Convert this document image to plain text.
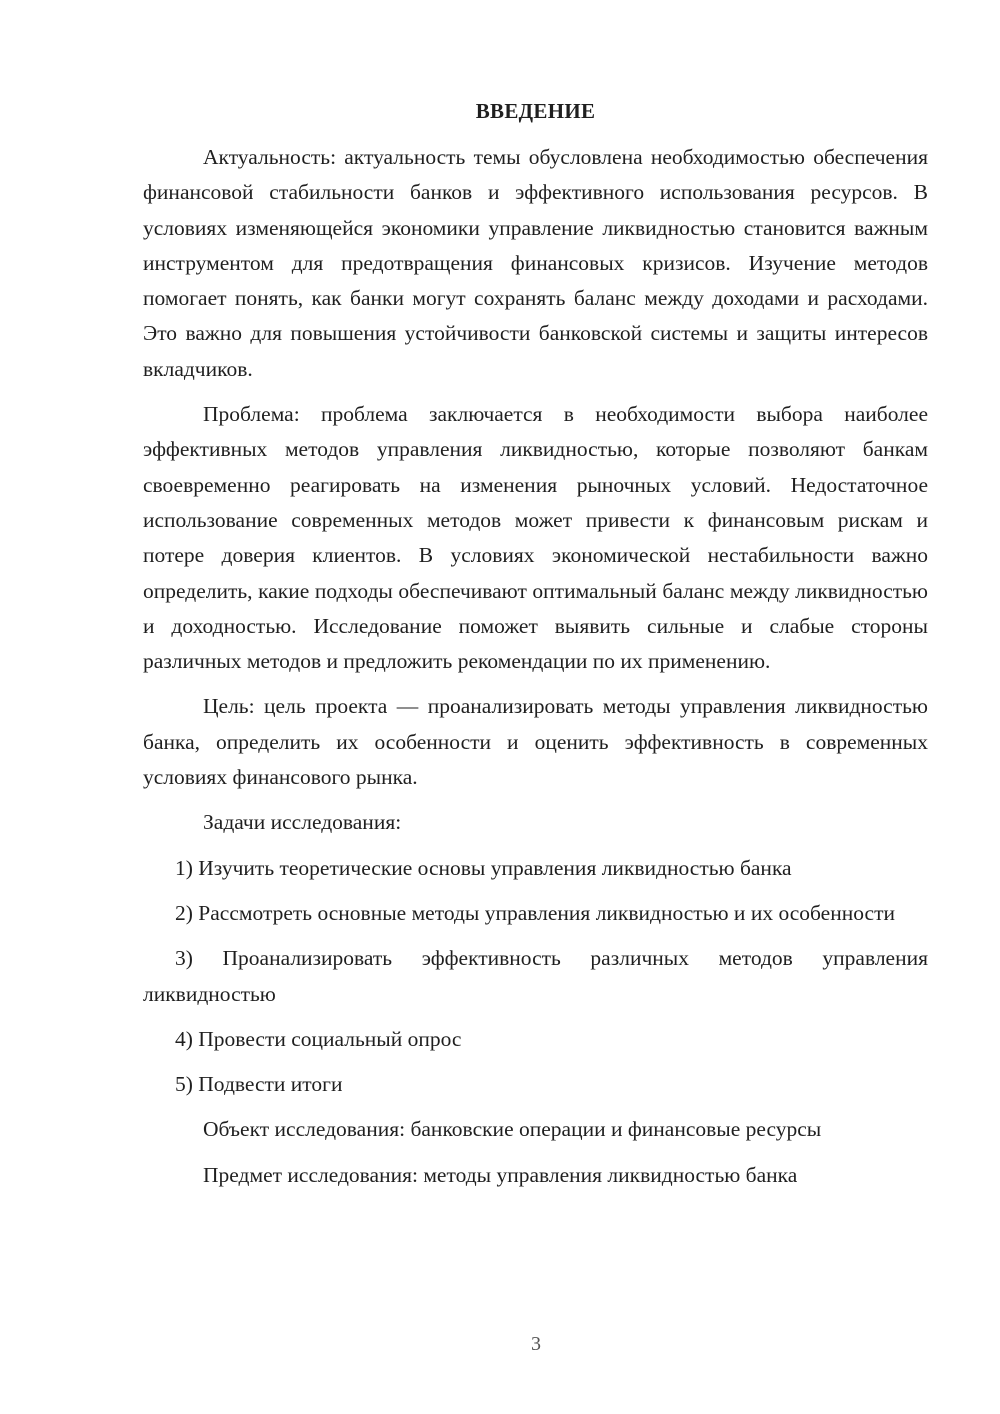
ВВЕДЕНИЕ

Актуальность: актуальность темы обусловлена необходимостью обеспечения финансовой стабильности банков и эффективного использования ресурсов. В условиях изменяющейся экономики управление ликвидностью становится важным инструментом для предотвращения финансовых кризисов. Изучение методов помогает понять, как банки могут сохранять баланс между доходами и расходами. Это важно для повышения устойчивости банковской системы и защиты интересов вкладчиков.

Проблема: проблема заключается в необходимости выбора наиболее эффективных методов управления ликвидностью, которые позволяют банкам своевременно реагировать на изменения рыночных условий. Недостаточное использование современных методов может привести к финансовым рискам и потере доверия клиентов. В условиях экономической нестабильности важно определить, какие подходы обеспечивают оптимальный баланс между ликвидностью и доходностью. Исследование поможет выявить сильные и слабые стороны различных методов и предложить рекомендации по их применению.

Цель: цель проекта — проанализировать методы управления ликвидностью банка, определить их особенности и оценить эффективность в современных условиях финансового рынка.

Задачи исследования:

1) Изучить теоретические основы управления ликвидностью банка

2) Рассмотреть основные методы управления ликвидностью и их особенности

3) Проанализировать эффективность различных методов управления ликвидностью

4) Провести социальный опрос

5) Подвести итоги

Объект исследования: банковские операции и финансовые ресурсы

Предмет исследования: методы управления ликвидностью банка

3
